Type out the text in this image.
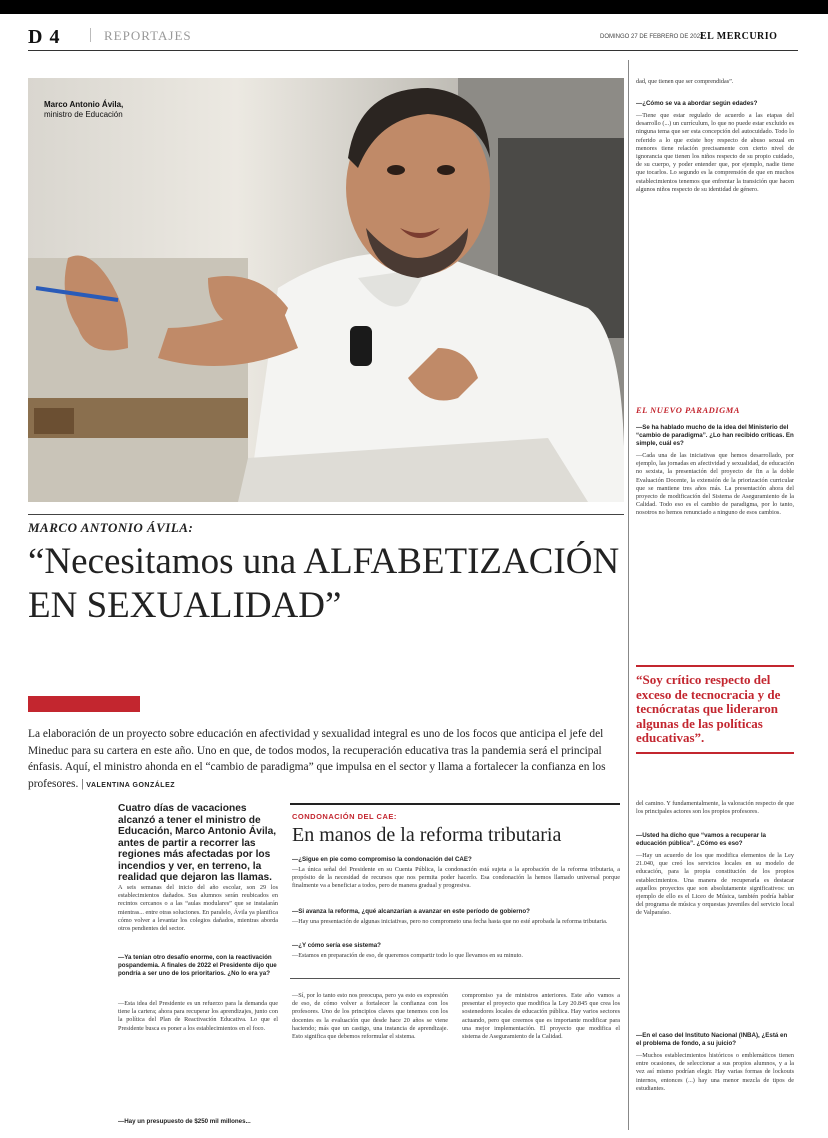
D 4	REPORTAJES	DOMINGO 27 DE FEBRERO DE 2022
EL MERCURIO
Marco Antonio Ávila, ministro de Educación
MARCO ANTONIO ÁVILA:
“Necesitamos una ALFABETIZACIÓN EN SEXUALIDAD”
La elaboración de un proyecto sobre educación en afectividad y sexualidad integral es uno de los focos que anticipa el jefe del Mineduc para su cartera en este año. Uno en que, de todos modos, la recuperación educativa tras la pandemia será el principal énfasis. Aquí, el ministro ahonda en el “cambio de paradigma” que impulsa en el sector y llama a fortalecer la confianza en los profesores. | VALENTINA GONZÁLEZ
Cuatro días de vacaciones alcanzó a tener el ministro de Educación, Marco Antonio Ávila, antes de partir a recorrer las regiones más afectadas por los incendios y ver, en terreno, la realidad que dejaron las llamas.
A seis semanas del inicio del año escolar, son 29 los establecimientos dañados. Sus alumnos serán reubicados en recintos cercanos o a las “aulas modulares” que se instalarán mientras... entre otras soluciones. En paralelo, Ávila ya planifica cómo volver a levantar los colegios dañados, mientras aborda otros pendientes del sector.
—Ya tenían otro desafío enorme, con la reactivación pospandemia. A finales de 2022 el Presidente dijo que pondría a ser uno de los prioritarios. ¿No lo era ya?
—Esta idea del Presidente es un refuerzo para la demanda que tiene la cartera; ahora para recuperar los aprendizajes, junto con la política del Plan de Reactivación Educativa. Lo que el Presidente busca es poner a los establecimientos en el foco.
—Hay un presupuesto de $250 mil millones...
CONDONACIÓN DEL CAE:
En manos de la reforma tributaria
—¿Sigue en pie como compromiso la condonación del CAE?
—La única señal del Presidente en su Cuenta Pública, la condonación está sujeta a la aprobación de la reforma tributaria, a propósito de la necesidad de recursos que nos permita poder hacerlo. Esa condonación la hemos llamado universal porque finalmente va a beneficiar a todos, pero de manera gradual y progresiva.
—Si avanza la reforma, ¿qué alcanzarían a avanzar en este período de gobierno?
—Hay una presentación de algunas iniciativas, pero no comprometo una fecha hasta que no esté aprobada la reforma tributaria.
—¿Y cómo sería ese sistema?
—Estamos en preparación de eso, de queremos compartir todo lo que llevamos en su minuto.
—Sí, por lo tanto esto nos preocupa, pero ya esto es expresión de eso, de cómo volver a fortalecer la confianza con los profesores. Uno de los principios claves que tenemos con los docentes es la evaluación que desde hace 20 años se viene haciendo; más que un castigo, una instancia de aprendizaje. Esto significa que debemos reformular el sistema.
compromiso ya de ministros anteriores. Este año vamos a presentar el proyecto que modifica la Ley 20.845 que crea los sostenedores locales de educación pública. Hay varios sectores actuando, pero que creemos que es importante modificar para una mejor implementación. El proyecto que modifica el sistema de Aseguramiento de la Calidad.
dad, que tienen que ser comprendidas”.
—¿Cómo se va a abordar según edades?
—Tiene que estar regulado de acuerdo a las etapas del desarrollo (...) un currículum, lo que no puede estar excluido es ninguna tema que ser esta concepción del autocuidado. Todo lo referido a lo que existe hoy respecto de abuso sexual en menores tiene relación precisamente con cierto nivel de ignorancia que tienen los niños respecto de su propio cuidado, de su cuerpo, y poder entender que, por ejemplo, nadie tiene que tocarlos. Lo segundo es la comprensión de que en muchos establecimientos tenemos que enfrentar la transición que hacen algunos niños respecto de su identidad de género.
EL NUEVO PARADIGMA
—Se ha hablado mucho de la idea del Ministerio del “cambio de paradigma”. ¿Lo han recibido críticas. En simple, cuál es?
—Cada una de las iniciativas que hemos desarrollado, por ejemplo, las jornadas en afectividad y sexualidad, de educación no sexista, la presentación del proyecto de fin a la doble Evaluación Docente, la extensión de la priorización curricular que se mantiene tres años más. La presentación ahora del proyecto de modificación del Sistema de Aseguramiento de la Calidad. Todo eso es el cambio de paradigma, por lo tanto, nosotros no hemos renunciado a ninguno de esos cambios.
“Soy crítico respecto del exceso de tecnocracia y de tecnócratas que lideraron algunas de las políticas educativas”.
del camino. Y fundamentalmente, la valoración respecto de que los principales actores son los propios profesores.
—Usted ha dicho que “vamos a recuperar la educación pública”. ¿Cómo es eso?
—Hay un acuerdo de los que modifica elementos de la Ley 21.040, que creó los servicios locales en su modelo de educación, para la propia constitución de los propios establecimientos. Una manera de recuperarla es destacar aquellos proyectos que son absolutamente significativos: un ejemplo de ello es el Liceo de Música, también podría hablar del programa de música y orquestas juveniles del servicio local de Valparaíso.
—En el caso del Instituto Nacional (INBA), ¿Está en el problema de fondo, a su juicio?
—Muchos establecimientos históricos o emblemáticos tienen entre ocasiones, de seleccionar a sus propios alumnos, y a la vez así mismo podrían elegir. Hay varias formas de lockouts internos, entonces (...) hay una menor mezcla de tipos de estudiantes.
